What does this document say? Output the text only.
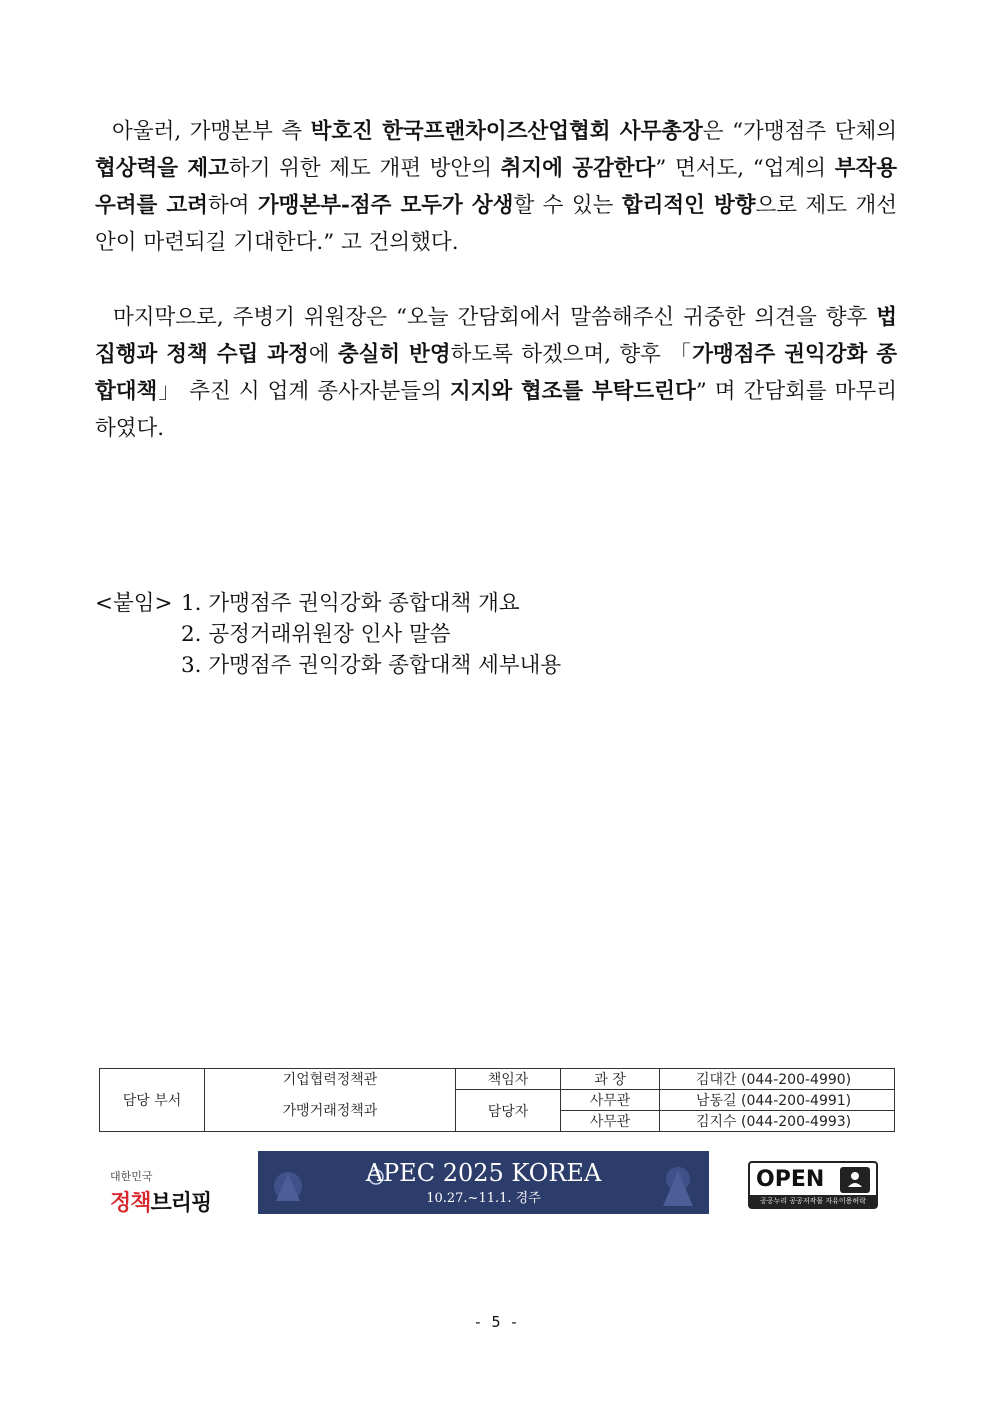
아울러, 가맹본부 측 박호진 한국프랜차이즈산업협회 사무총장은 “가맹점주 단체의 협상력을 제고하기 위한 제도 개편 방안의 취지에 공감한다” 면서도, “업계의 부작용 우려를 고려하여 가맹본부-점주 모두가 상생할 수 있는 합리적인 방향으로 제도 개선안이 마련되길 기대한다.” 고 건의했다.
마지막으로, 주병기 위원장은 “오늘 간담회에서 말씀해주신 귀중한 의견을 향후 법 집행과 정책 수립 과정에 충실히 반영하도록 하겠으며, 향후 「가맹점주 권익강화 종합대책」 추진 시 업계 종사자분들의 지지와 협조를 부탁드린다” 며 간담회를 마무리하였다.
<붙임> 1. 가맹점주 권익강화 종합대책 개요
2. 공정거래위원장 인사 말씀
3. 가맹점주 권익강화 종합대책 세부내용
담당 부서	기업협력정책관	책임자	과 장	김대간 (044-200-4990)
	가맹거래정책과	담당자	사무관	남동길 (044-200-4991)
			사무관	김지수 (044-200-4993)
대한민국
정책브리핑
APEC 2025 KOREA
10.27.~11.1. 경주
OPEN
공공누리 공공저작물 자유이용허락
- 5 -
